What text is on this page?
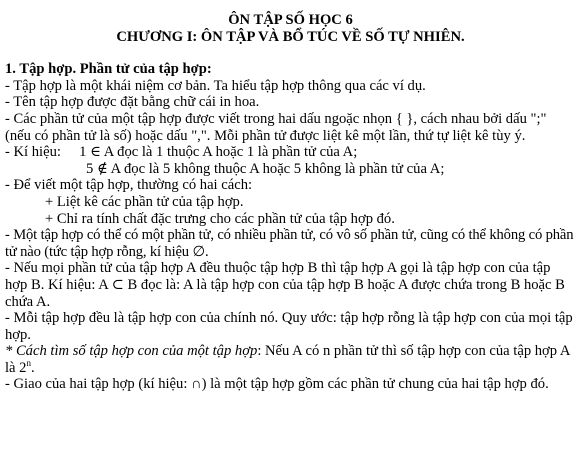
ÔN TẬP SỐ HỌC 6

CHƯƠNG I: ÔN TẬP VÀ BỔ TÚC VỀ SỐ TỰ NHIÊN.

1. Tập hợp. Phần tử của tập hợp:

- Tập hợp là một khái niệm cơ bản. Ta hiểu tập hợp thông qua các ví dụ.

- Tên tập hợp được đặt bằng chữ cái in hoa.

- Các phần tử của một tập hợp được viết trong hai dấu ngoặc nhọn { }, cách nhau bởi dấu ";" (nếu có phần tử là số) hoặc dấu ",". Mỗi phần tử được liệt kê một lần, thứ tự liệt kê tùy ý.

- Kí hiệu:     1 ∈ A đọc là 1 thuộc A hoặc 1 là phần tử của A;

5 ∉ A đọc là 5 không thuộc A hoặc 5 không là phần tử của A;

- Để viết một tập hợp, thường có hai cách:

+ Liệt kê các phần tử của tập hợp.

+ Chỉ ra tính chất đặc trưng cho các phần tử của tập hợp đó.

- Một tập hợp có thể có một phần tử, có nhiều phần tử, có vô số phần tử, cũng có thể không có phần tử nào (tức tập hợp rỗng, kí hiệu ∅.

- Nếu mọi phần tử của tập hợp A đều thuộc tập hợp B thì tập hợp A gọi là tập hợp con của tập hợp B. Kí hiệu: A ⊂ B đọc là: A là tập hợp con của tập hợp B hoặc A được chứa trong B hoặc B chứa A.

- Mỗi tập hợp đều là tập hợp con của chính nó. Quy ước: tập hợp rỗng là tập hợp con của mọi tập hợp.

* Cách tìm số tập hợp con của một tập hợp: Nếu A có n phần tử thì số tập hợp con của tập hợp A là 2$^n$.

- Giao của hai tập hợp (kí hiệu: ∩) là một tập hợp gồm các phần tử chung của hai tập hợp đó.
